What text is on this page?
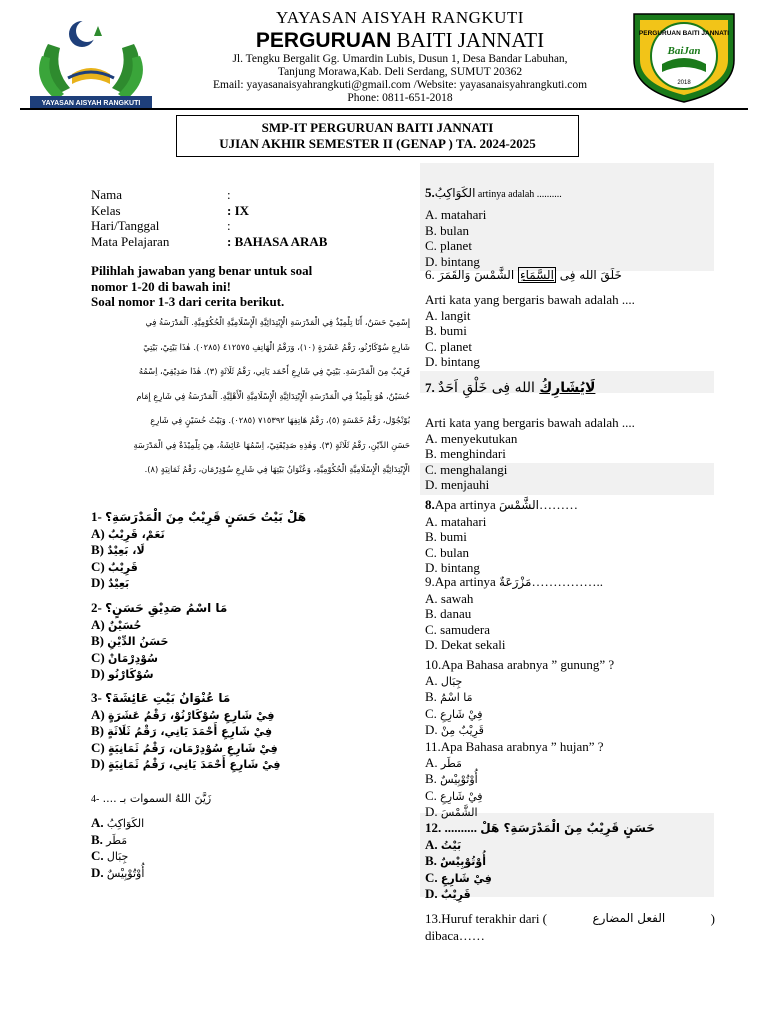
YAYASAN AISYAH RANGKUTI
YAYASAN AISYAH RANGKUTI
PERGURUAN BAITI JANNATI
Jl. Tengku Bergalit Gg. Umardin Lubis, Dusun 1, Desa Bandar Labuhan,
Tanjung Morawa,Kab. Deli Serdang, SUMUT 20362
Email: yayasanaisyahrangkuti@gmail.com /Website: yayasanaisyahrangkuti.com
Phone: 0811-651-2018
PERGURUAN BAITI JANNATI
BaiJan
2018
SMP-IT PERGURUAN BAITI JANNATI
UJIAN AKHIR SEMESTER II (GENAP ) TA. 2024-2025
Nama	:
Kelas	: IX
Hari/Tanggal	:
Mata Pelajaran	: BAHASA ARAB
Pilihlah jawaban yang benar untuk soal
nomor 1-20 di bawah ini!
Soal nomor 1-3 dari cerita berikut.
إِسْمِيْ حَسَنٌ، أَنَا تِلْمِيْذٌ فِي الْمَدْرَسَةِ الْإِبْتِدَائِيَّةِ الْإِسْلَامِيَّةِ الْحُكُوْمِيَّةِ. اَلْمَدْرَسَةُ فِي
شَارِعِ سُوْكَارْنُو، رَقْمُ عَشَرَةٍ (١٠)، وَرَقْمُ الْهَاتِفِ ٤١٢٥٧٥ (٠٢٨٥). هٰذَا بَيْتِيْ، بَيْتِيْ
قَرِيْبٌ مِنَ الْمَدْرَسَةِ. بَيْتِيْ فِي شَارِعِ أَحْمَد يَانِي، رَقْمُ ثَلَاثَةٍ (٣). هٰذَا صَدِيْقِيْ، اِسْمُهُ
حُسَيْنٌ، هُوَ تِلْمِيْذٌ فِي الْمَدْرَسَةِ الْإِبْتِدَائِيَّةِ الْإِسْلَامِيَّةِ الْأَهْلِيَّةِ. اَلْمَدْرَسَةُ فِي شَارِعِ إِمَام
بُوْنْجُوْل، رَقْمُ خَمْسَةٍ (٥)، رَقْمُ هَاتِفِهَا ٧١٥٣٩٢ (٠٢٨٥). وَبَيْتُ حُسَيْنٍ فِي شَارِعِ
حَسَنِ الدِّيْنِ، رَقْمُ ثَلَاثَةٍ (٣). وَهٰذِهِ صَدِيْقَتِيْ، اِسْمُهَا عَائِشَةُ، هِيَ تِلْمِيْذَةٌ فِي الْمَدْرَسَةِ
الْإِبْتِدَائِيَّةِ الْإِسْلَامِيَّةِ الْحُكُوْمِيَّةِ، وَعُنْوَانُ بَيْتِهَا فِي شَارِعِ سُوْدِرْمَان، رَقْمُ ثَمَانِيَةٍ (٨).
1- هَلْ بَيْتُ حَسَنٍ قَرِيْبٌ مِنَ الْمَدْرَسَةِ؟
A) نَعَمْ، قَرِيْبٌ
B) لَا، بَعِيْدٌ
C) قَرِيْبٌ
D) بَعِيْدٌ
2- مَا اسْمُ صَدِيْقِ حَسَنٍ؟
A) حُسَيْنٌ
B) حَسَنُ الدِّيْنِ
C) سُوْدِرْمَانْ
D) سُوْكَارْنُو
3- مَا عُنْوَانُ بَيْتِ عَائِشَةَ؟
A) فِيْ شَارِعِ سُوْكَارْنُوْ، رَقْمُ عَشَرَةٍ
B) فِيْ شَارِعِ أَحْمَدَ يَانِي، رَقْمُ ثَلَاثَةٍ
C) فِيْ شَارِعِ سُوْدِرْمَان، رَقْمُ ثَمَانِيَةٍ
D) فِيْ شَارِعِ أَحْمَدَ يَانِي، رَقْمُ ثَمَانِيَةٍ
4- زَيَّنَ اللهُ السموات بـ ....
A. الكَوَاكِبُ
B. مَطَر
C. جِبَال
D. أُوْتُوْبِيْسٌ
5.الكَوَاكِبُ artinya adalah ..........
A. matahari
B. bulan
C. planet
D. bintang
6.	خَلَقَ الله فِى السَّمَاءِ الشَّمْسَ وَالقَمَرَ
Arti kata yang bergaris bawah adalah ....
A. langit
B. bumi
C. planet
D. bintang
7.	لَايُشَارِكُ الله فِى خَلْقِ اَحَدٌ
Arti kata yang bergaris bawah adalah ....
A. menyekutukan
B. menghindari
C. menghalangi
D. menjauhi
8.Apa artinya الشَّمْسَ………
A. matahari
B. bumi
C. bulan
D. bintang
9.Apa artinya مَزْرَعَةٌ……………..
A. sawah
B. danau
C. samudera
D. Dekat sekali
10.Apa Bahasa arabnya ” gunung” ?
A. جِبَال
B. مَا اسْمُ
C. فِيْ شَارِعِ
D. قَرِيْبٌ مِنْ
11.Apa Bahasa arabnya ” hujan” ?
A. مَطَر
B. أُوْتُوْبِيْسٌ
C. فِيْ شَارِعِ
D. الشَّمْسَ
12. .......... حَسَنٍ قَرِيْبٌ مِنَ الْمَدْرَسَةِ؟ هَلْ
A. بَيْتُ
B. أُوْتُوْبِيْسٌ
C. فِيْ شَارِعِ
D. قَرِيْبٌ
13.Huruf terakhir dari (	الفعل المضارع	)
dibaca……
